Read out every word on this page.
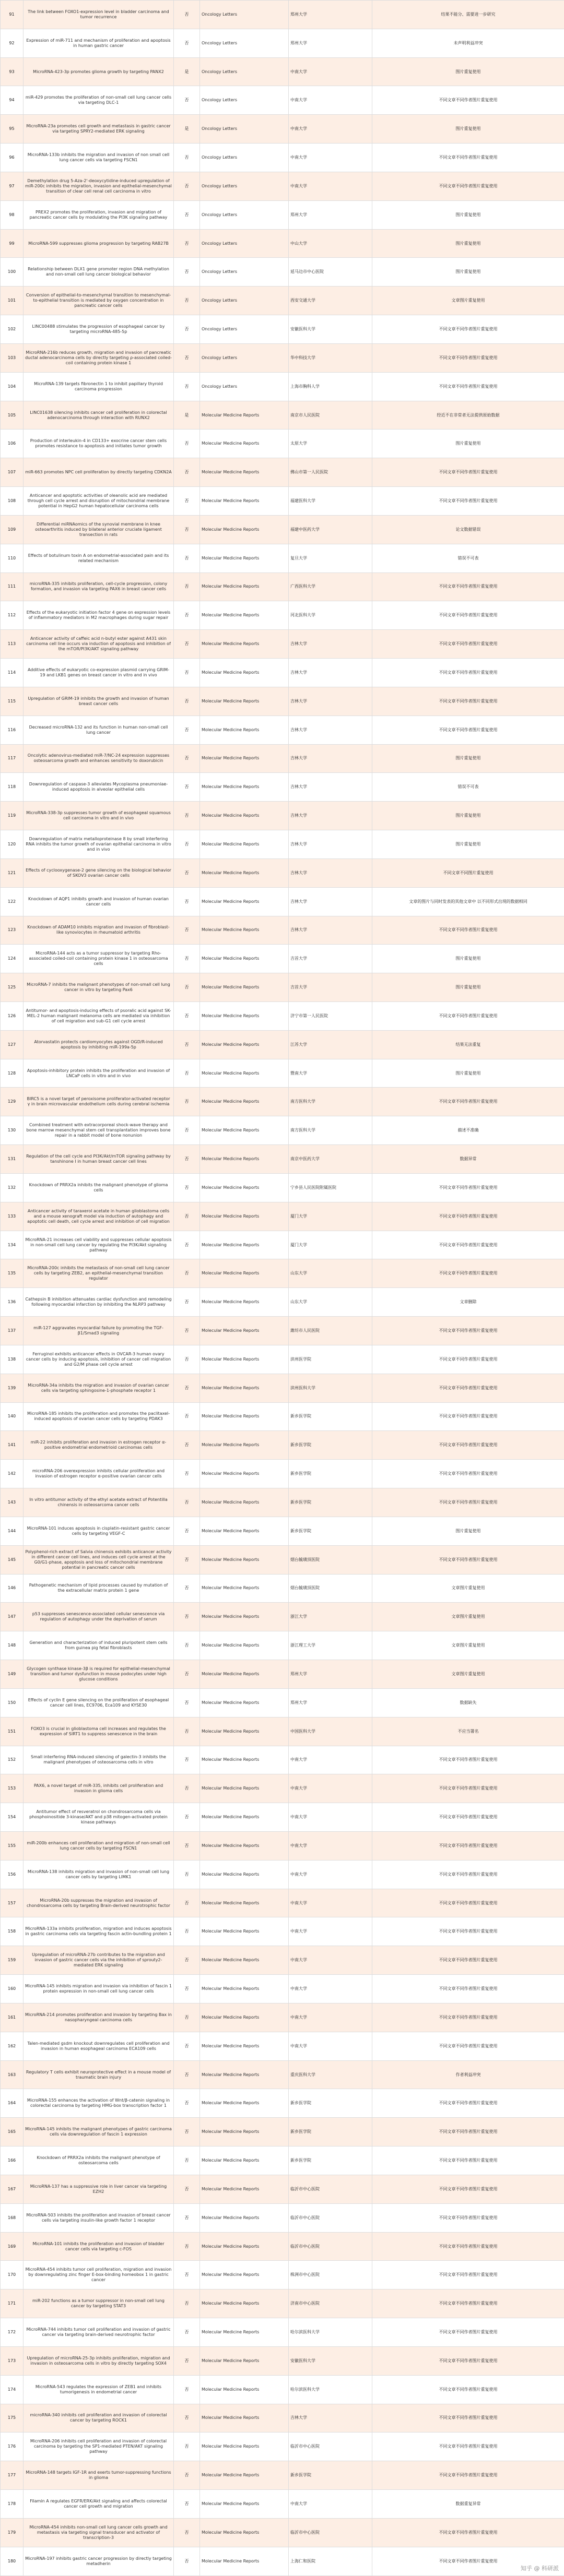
91	The link between FOXO1-expression level in bladder carcinoma and tumor recurrence	否	Oncology Letters	郑州大学	结果不能分、需要进一步研究
92	Expression of miR-711 and mechanism of proliferation and apoptosis in human gastric cancer	否	Oncology Letters	郑州大学	未声明利益冲突
93	MicroRNA-423-3p promotes glioma growth by targeting PANX2	是	Oncology Letters	中南大学	图片重复使用
94	miR-429 promotes the proliferation of non-small cell lung cancer cells via targeting DLC-1	否	Oncology Letters	中南大学	不同文章不同作者图片重复使用
95	MicroRNA-23a promotes cell growth and metastasis in gastric cancer via targeting SPRY2-mediated ERK signaling	是	Oncology Letters	中南大学	图片重复使用
96	MicroRNA-133b inhibits the migration and invasion of non small cell lung cancer cells via targeting FSCN1	否	Oncology Letters	中南大学	不同文章不同作者图片重复使用
97	Demethylation drug 5-Aza-2'-deoxycytidine-induced upregulation of miR-200c inhibits the migration, invasion and epithelial-mesenchymal transition of clear cell renal cell carcinoma in vitro	否	Oncology Letters	中南大学	不同文章不同作者图片重复使用
98	PREX2 promotes the proliferation, invasion and migration of pancreatic cancer cells by modulating the PI3K signaling pathway	否	Oncology Letters	郑州大学	图片重复使用
99	MicroRNA-599 suppresses glioma progression by targeting RAB27B	否	Oncology Letters	中山大学	图片重复使用
100	Relationship between DLX1 gene promoter region DNA methylation and non-small cell lung cancer biological behavior	否	Oncology Letters	延马边市中心医院	图片重复使用
101	Conversion of epithelial-to-mesenchymal transition to mesenchymal-to-epithelial transition is mediated by oxygen concentration in pancreatic cancer cells	否	Oncology Letters	西安交通大学	文章图片重复使用
102	LINC00488 stimulates the progression of esophageal cancer by targeting microRNA-485-5p	否	Oncology Letters	安徽医科大学	不同文章不同作者图片重复使用
103	MicroRNA-216b reduces growth, migration and invasion of pancreatic ductal adenocarcinoma cells by directly targeting ρ-associated coiled-coil containing protein kinase 1	否	Oncology Letters	华中科技大学	不同文章不同作者图片重复使用
104	MicroRNA-139 targets fibronectin 1 to inhibit papillary thyroid carcinoma progression	否	Oncology Letters	上海市胸科人学	不同文章不同作者图片重复使用
105	LINC01638 silencing inhibits cancer cell proliferation in colorectal adenocarcinoma through interaction with RUNX2	是	Molecular Medicine Reports	南京市人民医院	经近不在非常者无法提供原始数据
106	Production of interleukin-4 in CD133+ exocrine cancer stem cells promotes resistance to apoptosis and initiates tumor growth	否	Molecular Medicine Reports	太原大学	图片重复使用
107	miR-663 promotes NPC cell proliferation by directly targeting CDKN2A	否	Molecular Medicine Reports	佛山市第一人民医院	不同文章不同作者图片重复使用
108	Anticancer and apoptotic activities of oleanolic acid are mediated through cell cycle arrest and disruption of mitochondrial membrane potential in HepG2 human hepatocellular carcinoma cells	否	Molecular Medicine Reports	福建医科大学	不同文章不同作者图片重复使用
109	Differential miRNAomics of the synovial membrane in knee osteoarthritis induced by bilateral anterior cruciate ligament transection in rats	否	Molecular Medicine Reports	福建中医药大学	论文数据错误
110	Effects of botulinum toxin A on endometrial-associated pain and its related mechanism	否	Molecular Medicine Reports	复旦大学	错误不可表
111	microRNA-335 inhibits proliferation, cell-cycle progression, colony formation, and invasion via targeting PAX6 in breast cancer cells	否	Molecular Medicine Reports	广西医科大学	不同文章不同作者图片重复使用
112	Effects of the eukaryotic initiation factor 4 gene on expression levels of inflammatory mediators in M2 macrophages during sugar repair	否	Molecular Medicine Reports	河北医科大学	不同文章不同作者图片重复使用
113	Anticancer activity of caffeic acid n-butyl ester against A431 skin carcinoma cell line occurs via induction of apoptosis and inhibition of the mTOR/PI3K/AKT signaling pathway	否	Molecular Medicine Reports	吉林大学	不同文章不同作者图片重复使用
114	Additive effects of eukaryotic co-expression plasmid carrying GRIM-19 and LKB1 genes on breast cancer in vitro and in vivo	否	Molecular Medicine Reports	吉林大学	不同文章不同作者图片重复使用
115	Upregulation of GRIM-19 inhibits the growth and invasion of human breast cancer cells	否	Molecular Medicine Reports	吉林大学	不同文章不同作者图片重复使用
116	Decreased microRNA-132 and its function in human non-small cell lung cancer	否	Molecular Medicine Reports	吉林大学	不同文章不同作者图片重复使用
117	Oncolytic adenovirus-mediated miR-7/NC-24 expression suppresses osteosarcoma growth and enhances sensitivity to doxorubicin	否	Molecular Medicine Reports	吉林大学	图片重复使用
118	Downregulation of caspase-3 alleviates Mycoplasma pneumoniae-induced apoptosis in alveolar epithelial cells	否	Molecular Medicine Reports	吉林大学	错误不可表
119	MicroRNA-338-3p suppresses tumor growth of esophageal squamous cell carcinoma in vitro and in vivo	否	Molecular Medicine Reports	吉林大学	图片重复使用
120	Downregulation of matrix metalloproteinase 8 by small interfering RNA inhibits the tumor growth of ovarian epithelial carcinoma in vitro and in vivo	否	Molecular Medicine Reports	吉林大学	图片重复使用
121	Effects of cyclooxygenase-2 gene silencing on the biological behavior of SKOV3 ovarian cancer cells	否	Molecular Medicine Reports	吉林大学	不同文章不同图片重复使用
122	Knockdown of AQP1 inhibits growth and invasion of human ovarian cancer cells	否	Molecular Medicine Reports	吉林大学	文章的图片与同时发表的其他文章中 以不同形式出现的数据相同
123	Knockdown of ADAM10 inhibits migration and invasion of fibroblast-like synoviocytes in rheumatoid arthritis	否	Molecular Medicine Reports	吉林大学	不同文章不同作者图片重复使用
124	MicroRNA-144 acts as a tumor suppressor by targeting Rho-associated coiled-coil containing protein kinase 1 in osteosarcoma cells	否	Molecular Medicine Reports	吉首大学	图片重复使用
125	MicroRNA-7 inhibits the malignant phenotypes of non-small cell lung cancer in vitro by targeting Pax6	否	Molecular Medicine Reports	吉首大学	图片重复使用
126	Antitumor- and apoptosis-inducing effects of psoralic acid against SK-MEL-2 human malignant melanoma cells are mediated via inhibition of cell migration and sub-G1 cell cycle arrest	否	Molecular Medicine Reports	济宁市第一人民医院	不同文章不同作者图片重复使用
127	Atorvastatin protects cardiomyocytes against OGD/R-induced apoptosis by inhibiting miR-199a-5p	否	Molecular Medicine Reports	江苏大学	结果无法重复
128	Apoptosis-inhibitory protein inhibits the proliferation and invasion of LNCaP cells in vitro and in vivo	否	Molecular Medicine Reports	暨南大学	图片重复使用
129	BIRC5 is a novel target of peroxisome proliferator-activated receptor γ in brain microvascular endothelium cells during cerebral ischemia	否	Molecular Medicine Reports	南方医科大学	不同文章不同作者图片重复使用
130	Combined treatment with extracorporeal shock-wave therapy and bone marrow mesenchymal stem cell transplantation improves bone repair in a rabbit model of bone nonunion	否	Molecular Medicine Reports	南方医科大学	描述不准确
131	Regulation of the cell cycle and PI3K/Akt/mTOR signaling pathway by tanshinone I in human breast cancer cell lines	否	Molecular Medicine Reports	南京中医药大学	数据异常
132	Knockdown of PRRX2a inhibits the malignant phenotype of glioma cells	否	Molecular Medicine Reports	宁乡县人民医院附属医院	不同文章不同作者图片重复使用
133	Anticancer activity of taraxerol acetate in human glioblastoma cells and a mouse xenograft model via induction of autophagy and apoptotic cell death, cell cycle arrest and inhibition of cell migration	否	Molecular Medicine Reports	厦门大学	不同文章不同作者图片重复使用
134	MicroRNA-21 increases cell viability and suppresses cellular apoptosis in non-small cell lung cancer by regulating the PI3K/Akt signaling pathway	否	Molecular Medicine Reports	厦门大学	不同文章不同作者图片重复使用
135	MicroRNA-200c inhibits the metastasis of non-small cell lung cancer cells by targeting ZEB2, an epithelial-mesenchymal transition regulator	否	Molecular Medicine Reports	山东大学	不同文章不同作者图片重复使用
136	Cathepsin B inhibition attenuates cardiac dysfunction and remodeling following myocardial infarction by inhibiting the NLRP3 pathway	否	Molecular Medicine Reports	山东大学	文章删除
137	miR-127 aggravates myocardial failure by promoting the TGF-β1/Smad3 signaling	否	Molecular Medicine Reports	潍坊市人民医院	不同文章不同作者图片重复使用
138	Ferruginol exhibits anticancer effects in OVCAR-3 human ovary cancer cells by inducing apoptosis, inhibition of cancer cell migration and G2/M phase cell cycle arrest	否	Molecular Medicine Reports	滨州医学院	不同文章不同作者图片重复使用
139	MicroRNA-34a inhibits the migration and invasion of ovarian cancer cells via targeting sphingosine-1-phosphate receptor 1	否	Molecular Medicine Reports	滨州医科大学	不同文章不同作者图片重复使用
140	MicroRNA-185 inhibits the proliferation and promotes the paclitaxel-induced apoptosis of ovarian cancer cells by targeting PDAK3	否	Molecular Medicine Reports	新乡医学院	不同文章不同作者图片重复使用
141	miR-22 inhibits proliferation and invasion in estrogen receptor α-positive endometrial endometrioid carcinomas cells	否	Molecular Medicine Reports	新乡医学院	不同文章不同作者图片重复使用
142	microRNA-206 overexpression inhibits cellular proliferation and invasion of estrogen receptor α-positive ovarian cancer cells	否	Molecular Medicine Reports	新乡医学院	不同文章不同作者图片重复使用
143	In vitro antitumor activity of the ethyl acetate extract of Potentilla chinensis in osteosarcoma cancer cells	否	Molecular Medicine Reports	新乡医学院	不同文章不同作者图片重复使用
144	MicroRNA-101 induces apoptosis in cisplatin-resistant gastric cancer cells by targeting VEGF-C	否	Molecular Medicine Reports	新乡医学院	图片重复使用
145	Polyphenol-rich extract of Salvia chinensis exhibits anticancer activity in different cancer cell lines, and induces cell cycle arrest at the G0/G1-phase, apoptosis and loss of mitochondrial membrane potential in pancreatic cancer cells	否	Molecular Medicine Reports	烟台毓璜顶医院	不同文章不同作者图片重复使用
146	Pathogenetic mechanism of lipid processes caused by mutation of the extracellular matrix protein 1 gene	否	Molecular Medicine Reports	烟台毓璜顶医院	文章图片重复使用
147	p53 suppresses senescence-associated cellular senescence via regulation of autophagy under the deprivation of serum	否	Molecular Medicine Reports	浙江大学	文章图片重复使用
148	Generation and characterization of induced pluripotent stem cells from guinea pig fetal fibroblasts	否	Molecular Medicine Reports	浙江理工大学	文章图片重复使用
149	Glycogen synthase kinase-3β is required for epithelial-mesenchymal transition and tumor dysfunction in mouse podocytes under high glucose conditions	否	Molecular Medicine Reports	郑州大学	文章图片重复使用
150	Effects of cyclin E gene silencing on the proliferation of esophageal cancer cell lines, EC9706, Eca109 and KYSE30	否	Molecular Medicine Reports	郑州大学	数据缺失
151	FOXO3 is crucial in glioblastoma cell increases and regulates the expression of SIRT1 to suppress senescence in the brain	否	Molecular Medicine Reports	中国医科大学	不应当署名
152	Small interfering RNA-induced silencing of galectin-3 inhibits the malignant phenotypes of osteosarcoma cells in vitro	否	Molecular Medicine Reports	中南大学	不同文章不同作者图片重复使用
153	PAX6, a novel target of miR-335, inhibits cell proliferation and invasion in glioma cells	否	Molecular Medicine Reports	中南大学	不同文章不同作者图片重复使用
154	Antitumor effect of resveratrol on chondrosarcoma cells via phosphoinositide 3-kinase/AKT and p38 mitogen-activated protein kinase pathways	否	Molecular Medicine Reports	中南大学	不同文章不同作者图片重复使用
155	miR-200b enhances cell proliferation and migration of non-small cell lung cancer cells by targeting FSCN1	否	Molecular Medicine Reports	中南大学	不同文章不同作者图片重复使用
156	MicroRNA-138 inhibits migration and invasion of non-small cell lung cancer cells by targeting LIMK1	否	Molecular Medicine Reports	中南大学	不同文章不同作者图片重复使用
157	MicroRNA-20b suppresses the migration and invasion of chondrosarcoma cells by targeting Brain-derived neurotrophic factor	否	Molecular Medicine Reports	中南大学	不同文章不同作者图片重复使用
158	MicroRNA-133a inhibits proliferation, migration and induces apoptosis in gastric carcinoma cells via targeting fascin actin-bundling protein 1	否	Molecular Medicine Reports	中南大学	不同文章不同作者图片重复使用
159	Upregulation of microRNA-27b contributes to the migration and invasion of gastric cancer cells via the inhibition of sprouty2-mediated ERK signaling	否	Molecular Medicine Reports	中南大学	不同文章不同作者图片重复使用
160	MicroRNA-145 inhibits migration and invasion via inhibition of fascin 1 protein expression in non-small cell lung cancer cells	否	Molecular Medicine Reports	中南大学	不同文章不同作者图片重复使用
161	MicroRNA-214 promotes proliferation and invasion by targeting Bax in nasopharyngeal carcinoma cells	否	Molecular Medicine Reports	中南大学	不同文章不同作者图片重复使用
162	Talen-mediated gsdm knockout downregulates cell proliferation and invasion in human esophageal carcinoma ECA109 cells	否	Molecular Medicine Reports	中南大学	不同文章不同作者图片重复使用
163	Regulatory T cells exhibit neuroprotective effect in a mouse model of traumatic brain injury	否	Molecular Medicine Reports	重庆医科大学	作者利益冲突
164	MicroRNA-155 enhances the activation of Wnt/β-catenin signaling in colorectal carcinoma by targeting HMG-box transcription factor 1	否	Molecular Medicine Reports	新乡医学院	不同文章不同作者图片重复使用
165	MicroRNA-145 inhibits the malignant phenotypes of gastric carcinoma cells via downregulation of fascin 1 expression	否	Molecular Medicine Reports	新乡医学院	不同文章不同作者图片重复使用
166	Knockdown of PRRX2a inhibits the malignant phenotype of osteosarcoma cells	否	Molecular Medicine Reports	新乡医学院	不同文章不同作者图片重复使用
167	MicroRNA-137 has a suppressive role in liver cancer via targeting EZH2	否	Molecular Medicine Reports	临沂市中心医院	不同文章不同作者图片重复使用
168	MicroRNA-503 inhibits the proliferation and invasion of breast cancer cells via targeting insulin-like growth factor 1 receptor	否	Molecular Medicine Reports	临沂市中心医院	不同文章不同作者图片重复使用
169	MicroRNA-101 inhibits the proliferation and invasion of bladder cancer cells via targeting c-FOS	否	Molecular Medicine Reports	临沂市中心医院	不同文章不同作者图片重复使用
170	MicroRNA-454 inhibits tumor cell proliferation, migration and invasion by downregulating zinc finger E-box-binding homeobox 1 in gastric cancer	否	Molecular Medicine Reports	株洲市中心医院	不同文章不同作者图片重复使用
171	miR-202 functions as a tumor suppressor in non-small cell lung cancer by targeting STAT3	否	Molecular Medicine Reports	济南市中心医院	不同文章不同作者图片重复使用
172	MicroRNA-744 inhibits tumor cell proliferation and invasion of gastric cancer via targeting brain-derived neurotrophic factor	否	Molecular Medicine Reports	哈尔滨医科大学	不同文章不同作者图片重复使用
173	Upregulation of microRNA-25-3p inhibits proliferation, migration and invasion in osteosarcoma cells in vitro by directly targeting SOX4	否	Molecular Medicine Reports	安徽医科大学	不同文章不同作者图片重复使用
174	MicroRNA-543 regulates the expression of ZEB1 and inhibits tumorigenesis in endometrial cancer	否	Molecular Medicine Reports	哈尔滨医科大学	不同文章不同作者图片重复使用
175	microRNA-340 inhibits cell proliferation and invasion of colorectal cancer by targeting ROCK1	否	Molecular Medicine Reports	吉林大学	不同文章不同作者图片重复使用
176	MicroRNA-206 inhibits cell proliferation and invasion of colorectal carcinoma by targeting the SP1-mediated PTEN/AKT signaling pathway	否	Molecular Medicine Reports	临沂市中心医院	不同文章不同作者图片重复使用
177	MicroRNA-148 targets IGF-1R and exerts tumor-suppressing functions in glioma	否	Molecular Medicine Reports	新乡医学院	不同文章不同作者图片重复使用
178	Filamin A regulates EGFR/ERK/Akt signaling and affects colorectal cancer cell growth and migration	否	Molecular Medicine Reports	中南大学	数据重复异常
179	MicroRNA-454 inhibits non-small cell lung cancer cells growth and metastasis via targeting signal transducer and activator of transcription-3	否	Molecular Medicine Reports	临沂市中心医院	不同文章不同作者图片重复使用
180	MicroRNA-197 inhibits gastric cancer progression by directly targeting metadherin	否	Molecular Medicine Reports	上海仁和医院	不同文章不同作者图片重复使用
知乎 @ 科研派
